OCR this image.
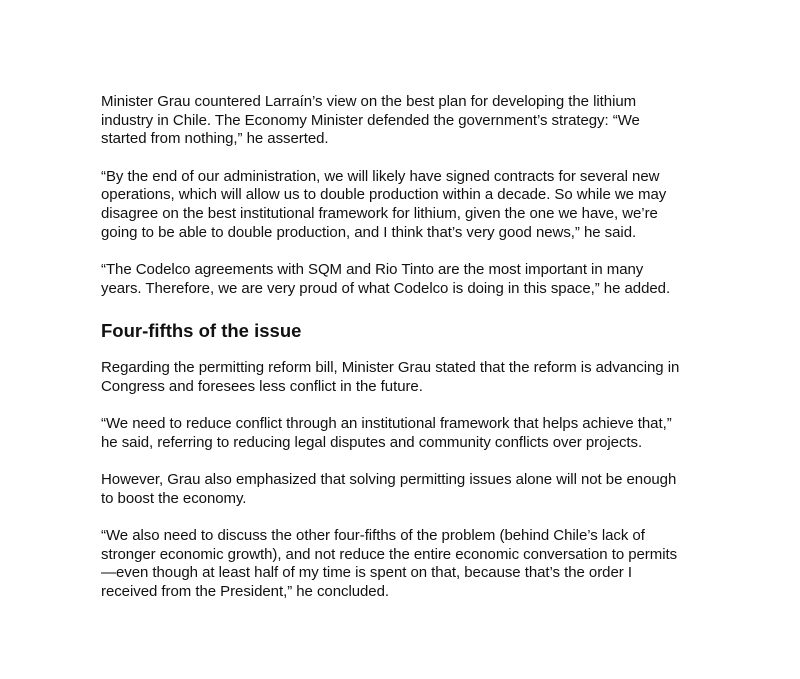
Minister Grau countered Larraín’s view on the best plan for developing the lithium
industry in Chile. The Economy Minister defended the government’s strategy: “We
started from nothing,” he asserted.

“By the end of our administration, we will likely have signed contracts for several new
operations, which will allow us to double production within a decade. So while we may
disagree on the best institutional framework for lithium, given the one we have, we’re
going to be able to double production, and I think that’s very good news,” he said.

“The Codelco agreements with SQM and Rio Tinto are the most important in many
years. Therefore, we are very proud of what Codelco is doing in this space,” he added.

Four-fifths of the issue

Regarding the permitting reform bill, Minister Grau stated that the reform is advancing in
Congress and foresees less conflict in the future.

“We need to reduce conflict through an institutional framework that helps achieve that,”
he said, referring to reducing legal disputes and community conflicts over projects.

However, Grau also emphasized that solving permitting issues alone will not be enough
to boost the economy.

“We also need to discuss the other four-fifths of the problem (behind Chile’s lack of
stronger economic growth), and not reduce the entire economic conversation to permits
—even though at least half of my time is spent on that, because that’s the order I
received from the President,” he concluded.
